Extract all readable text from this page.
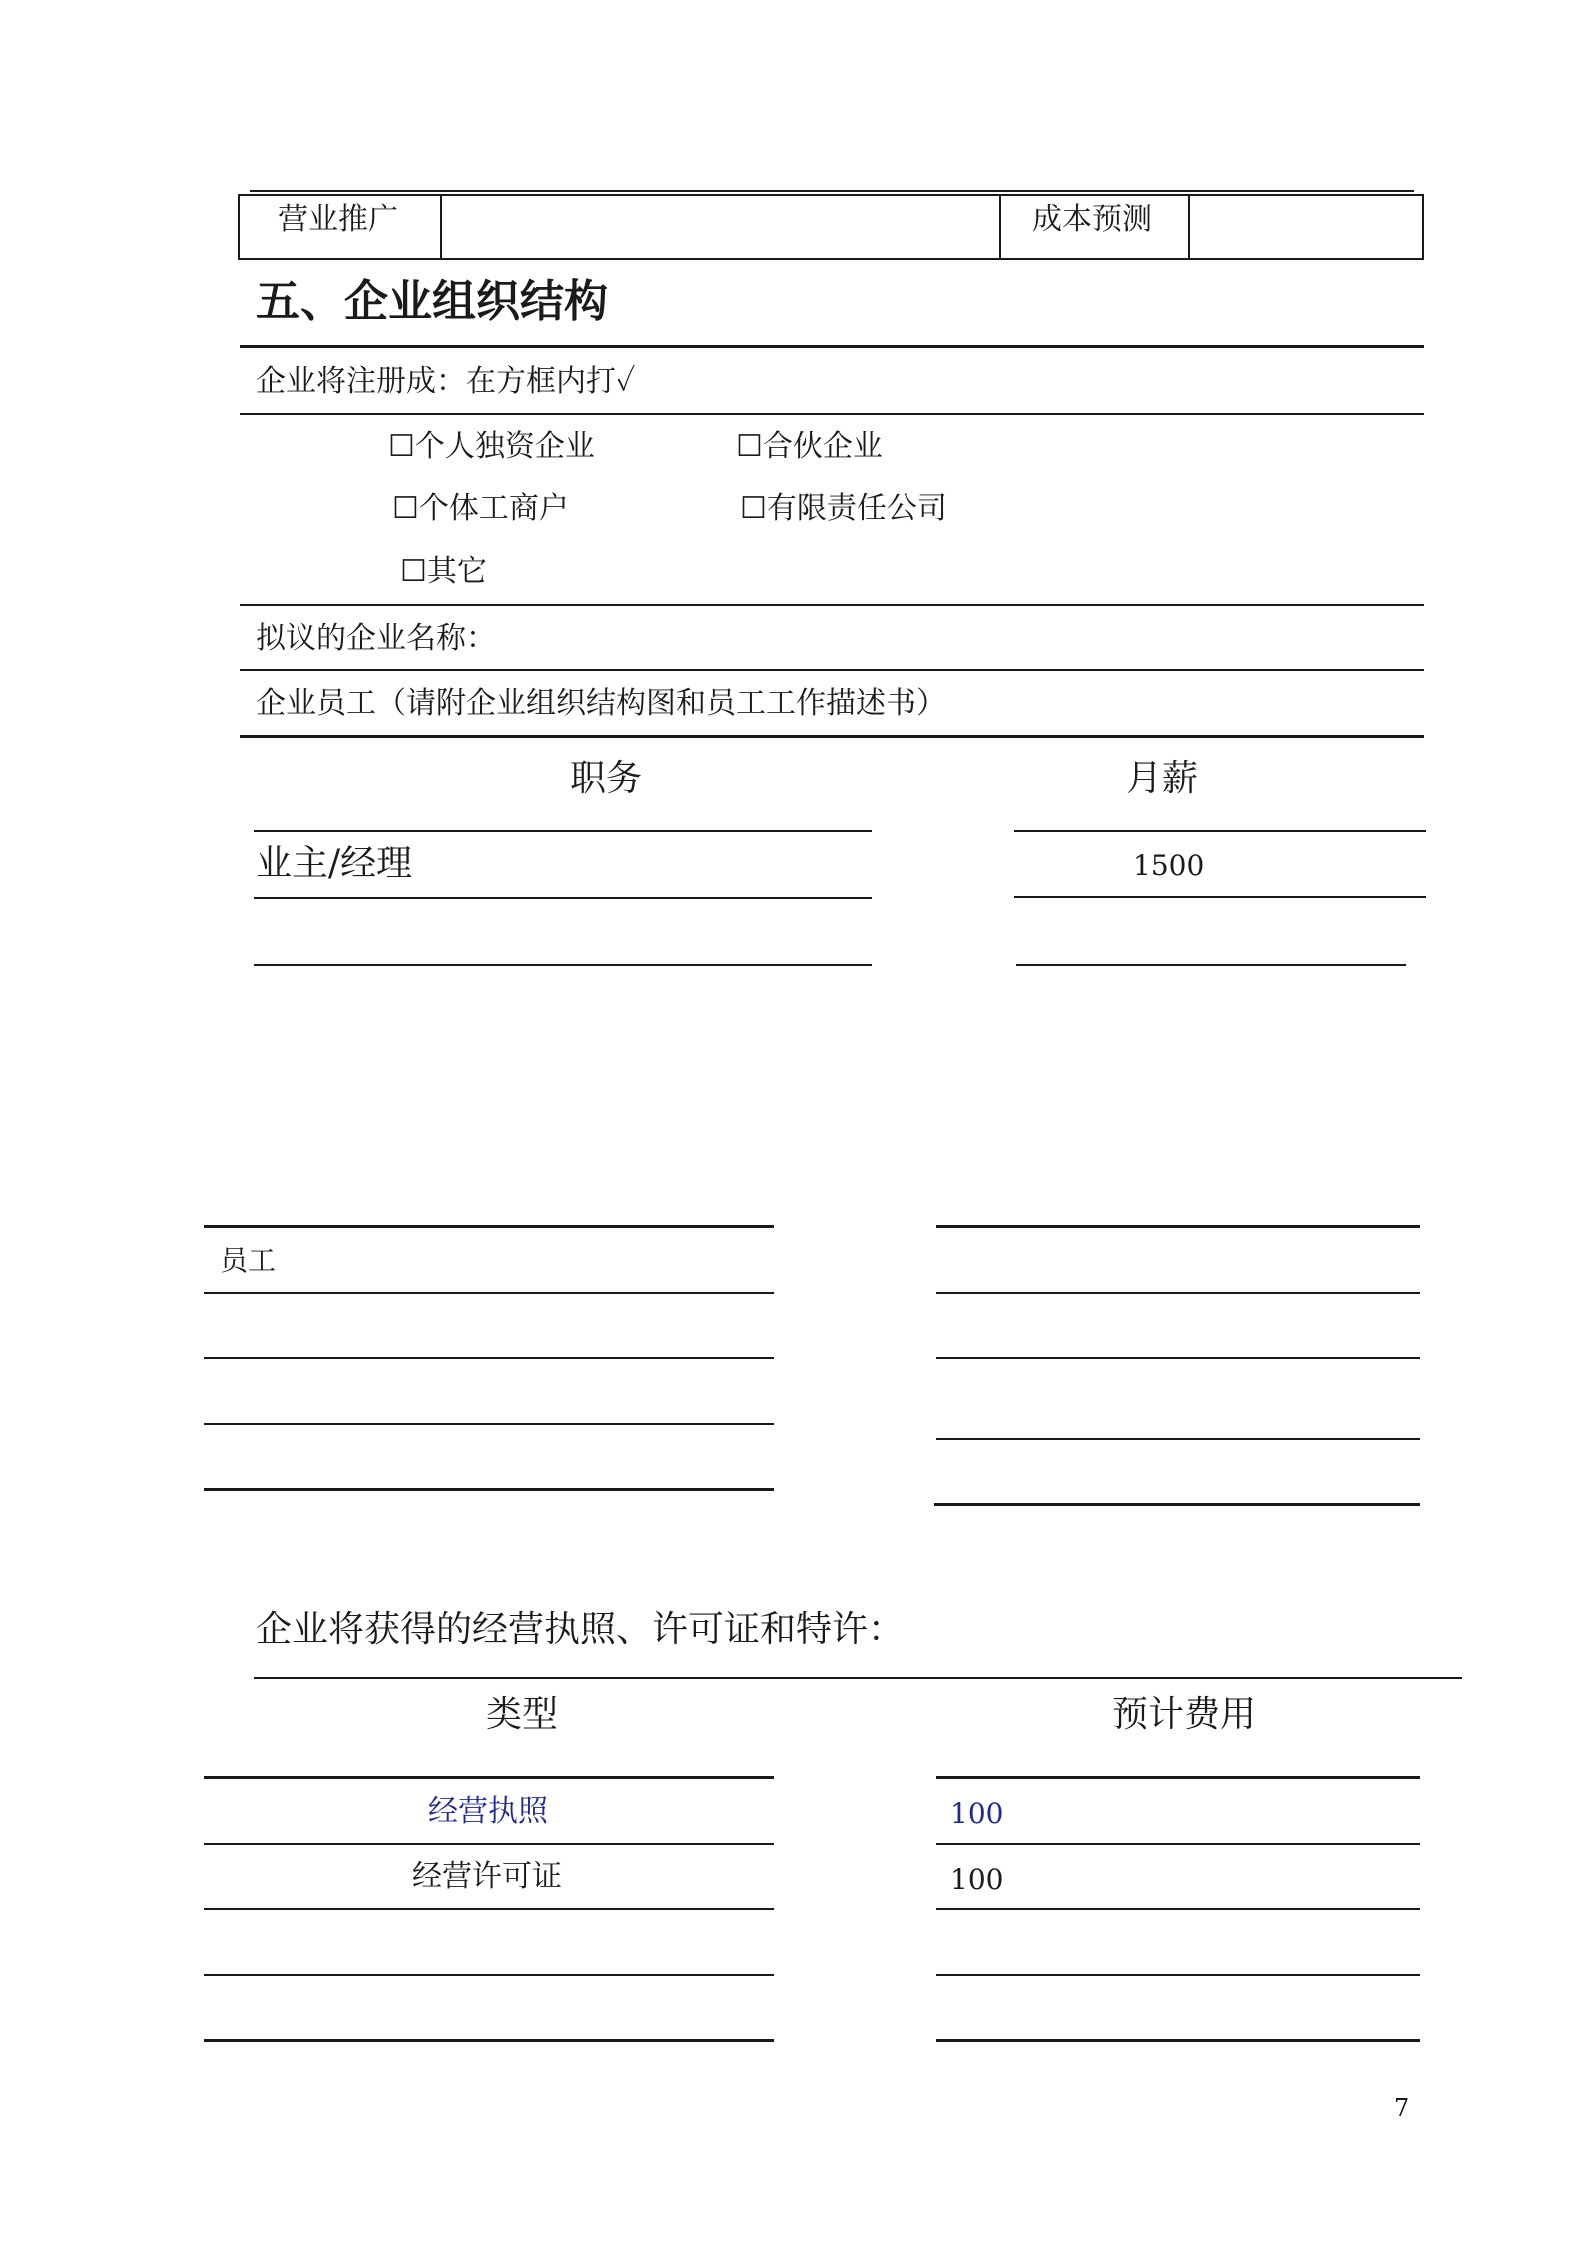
营业推广	成本预测
五、企业组织结构
企业将注册成：在方框内打✓
☐个人独资企业	☐合伙企业
☐个体工商户	☐有限责任公司
☐其它
拟议的企业名称：
企业员工（请附企业组织结构图和员工工作描述书）
职务	月薪
业主/经理	1500
员工
企业将获得的经营执照、许可证和特许：
类型	预计费用
经营执照	100
经营许可证	100
7
